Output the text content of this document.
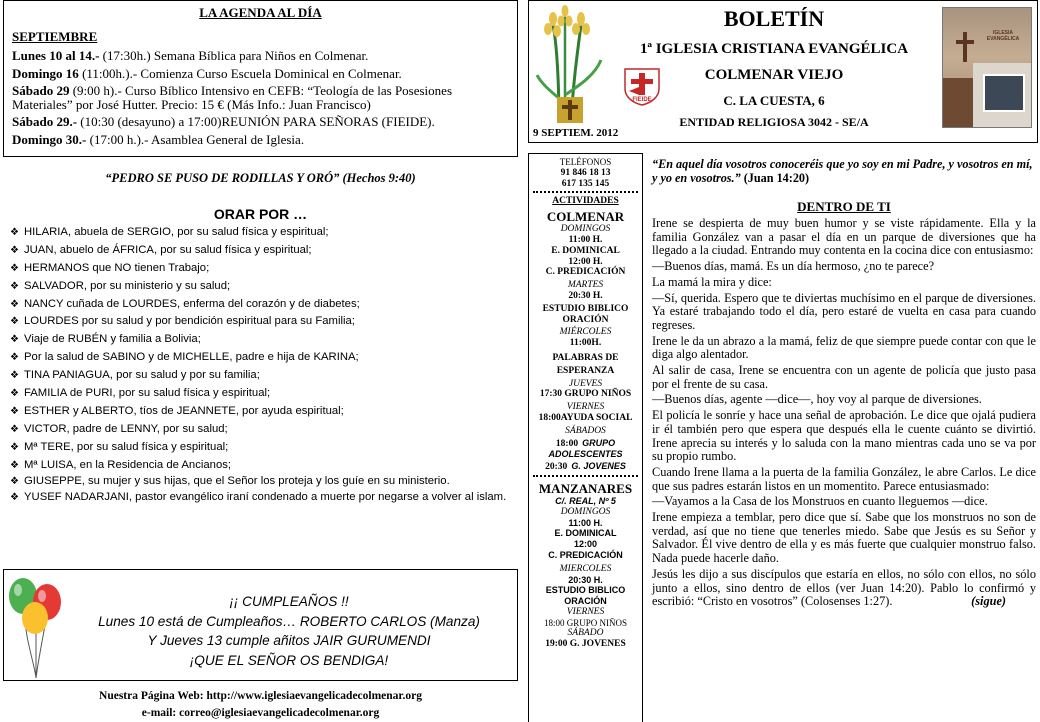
LA AGENDA AL DÍA
SEPTIEMBRE
Lunes 10 al 14.- (17:30h.) Semana Bíblica para Niños en Colmenar.
Domingo 16 (11:00h.).- Comienza Curso Escuela Dominical en Colmenar.
Sábado 29 (9:00 h).- Curso Bíblico Intensivo en CEFB: “Teología de las Posesiones Materiales” por José Hutter. Precio: 15 € (Más Info.: Juan Francisco)
Sábado 29.- (10:30 (desayuno) a 17:00)REUNIÓN PARA SEÑORAS (FIEIDE).
Domingo 30.- (17:00 h.).- Asamblea General de Iglesia.
FIEIDE
IGLESIA
EVANGÉLICA
BOLETÍN
1ª IGLESIA CRISTIANA EVANGÉLICA
COLMENAR VIEJO
C. LA CUESTA, 6
ENTIDAD RELIGIOSA 3042 - SE/A
9 SEPTIEM. 2012
“PEDRO SE PUSO DE RODILLAS Y ORÓ” (Hechos 9:40)
ORAR POR …
❖ HILARIA, abuela de SERGIO, por su salud física y espiritual;
❖ JUAN, abuelo de ÁFRICA, por su salud física y espiritual;
❖ HERMANOS que NO tienen Trabajo;
❖ SALVADOR, por su ministerio y su salud;
❖ NANCY cuñada de LOURDES, enferma del corazón y de diabetes;
❖ LOURDES por su salud y por bendición espiritual para su Familia;
❖ Viaje de RUBÉN y familia a Bolivia;
❖ Por la salud de SABINO y de MICHELLE, padre e hija de KARINA;
❖ TINA PANIAGUA, por su salud y por su familia;
❖ FAMILIA de PURI, por su salud física y espiritual;
❖ ESTHER y ALBERTO, tíos de JEANNETE, por ayuda espiritual;
❖ VICTOR, padre de LENNY, por su salud;
❖ Mª TERE, por su salud física y espiritual;
❖ Mª LUISA, en la Residencia de Ancianos;
❖ GIUSEPPE, su mujer y sus hijas, que el Señor los proteja y los guíe en su ministerio.
❖ YUSEF NADARJANI, pastor evangélico iraní condenado a muerte por negarse a volver al islam.
¡¡ CUMPLEAÑOS !!
Lunes 10 está de Cumpleaños… ROBERTO CARLOS (Manza)
Y Jueves 13 cumple añitos JAIR GURUMENDI
¡QUE EL SEÑOR OS BENDIGA!
Nuestra Página Web: http://www.iglesiaevangelicadecolmenar.org
e-mail: correo@iglesiaevangelicadecolmenar.org
TELÉFONOS
91 846 18 13
617 135 145
ACTIVIDADES
COLMENAR
DOMINGOS
11:00 H.
E. DOMINICAL
12:00 H.
C. PREDICACIÓN
MARTES
20:30 H.
ESTUDIO BIBLICO
ORACIÓN
MIÉRCOLES
11:00H.
PALABRAS DE
ESPERANZA
JUEVES
17:30 GRUPO NIÑOS
VIERNES
18:00AYUDA SOCIAL
SÁBADOS
18:00 GRUPO
ADOLESCENTES
20:30 G. JOVENES
MANZANARES
C/. REAL, Nº 5
DOMINGOS
11:00 H.
E. DOMINICAL
12:00
C. PREDICACIÓN
MIERCOLES
20:30 H.
ESTUDIO BIBLICO
ORACIÓN
VIERNES
18:00 GRUPO NIÑOS
SÁBADO
19:00 G. JOVENES
“En aquel día vosotros conoceréis que yo soy en mi Padre, y vosotros en mí, y yo en vosotros.” (Juan 14:20)
DENTRO DE TI

Irene se despierta de muy buen humor y se viste rápidamente. Ella y la familia González van a pasar el día en un parque de diversiones que ha llegado a la ciudad. Entrando muy contenta en la cocina dice con entusiasmo:

—Buenos días, mamá. Es un día hermoso, ¿no te parece?

La mamá la mira y dice:

—Sí, querida. Espero que te diviertas muchísimo en el parque de diversiones. Ya estaré trabajando todo el día, pero estaré de vuelta en casa para cuando regreses.

Irene le da un abrazo a la mamá, feliz de que siempre puede contar con que le diga algo alentador.

Al salir de casa, Irene se encuentra con un agente de policía que justo pasa por el frente de su casa.

—Buenos días, agente —dice—, hoy voy al parque de diversiones.

El policía le sonríe y hace una señal de aprobación. Le dice que ojalá pudiera ir él también pero que espera que después ella le cuente cuánto se divirtió. Irene aprecia su interés y lo saluda con la mano mientras cada uno se va por su propio rumbo.

Cuando Irene llama a la puerta de la familia González, le abre Carlos. Le dice que sus padres estarán listos en un momentito. Parece entusiasmado:

—Vayamos a la Casa de los Monstruos en cuanto lleguemos —dice.

Irene empieza a temblar, pero dice que sí. Sabe que los monstruos no son de verdad, así que no tiene que tenerles miedo. Sabe que Jesús es su Señor y Salvador. Él vive dentro de ella y es más fuerte que cualquier monstruo falso. Nada puede hacerle daño.

Jesús les dijo a sus discípulos que estaría en ellos, no sólo con ellos, no sólo junto a ellos, sino dentro de ellos (ver Juan 14:20). Pablo lo confirmó y escribió: “Cristo en vosotros” (Colosenses 1:27).	(sigue)
